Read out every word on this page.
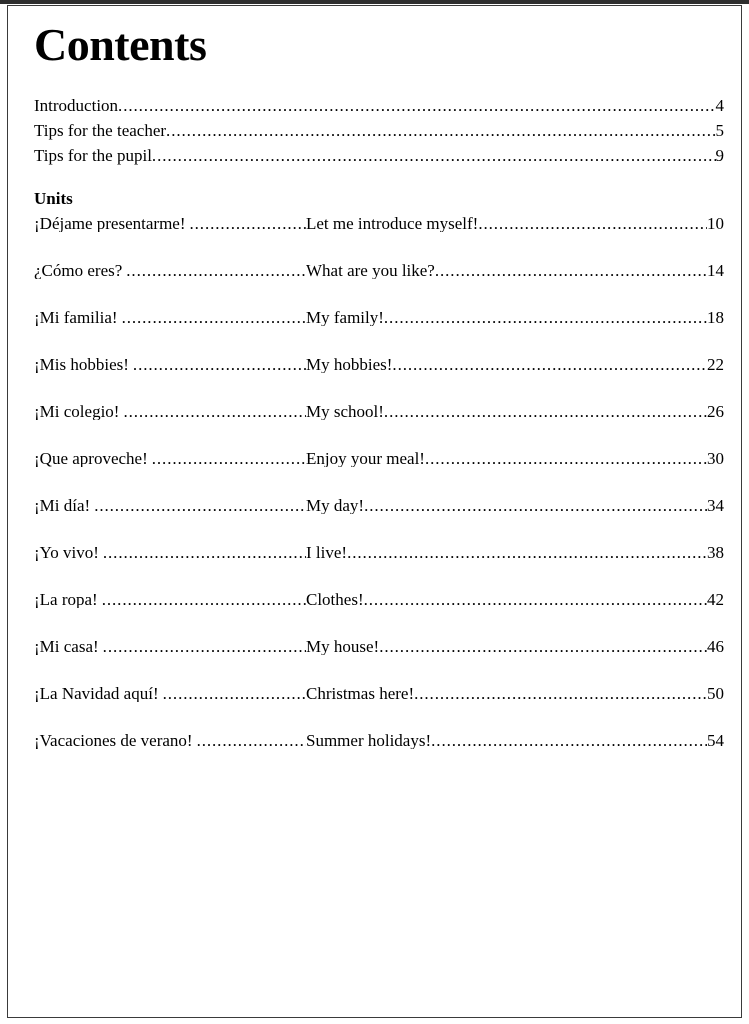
Contents
Introduction .....	4
Tips for the teacher .....	5
Tips for the pupil .....	9
Units
¡Déjame presentarme! .....	Let me introduce myself! .....	10
¿Cómo eres? .....	What are you like? .....	14
¡Mi familia! .....	My family! .....	18
¡Mis hobbies! .....	My hobbies! .....	22
¡Mi colegio! .....	My school! .....	26
¡Que aproveche! .....	Enjoy your meal! .....	30
¡Mi día! .....	My day! .....	34
¡Yo vivo! .....	I live! .....	38
¡La ropa! .....	Clothes! .....	42
¡Mi casa! .....	My house! .....	46
¡La Navidad aquí! .....	Christmas here! .....	50
¡Vacaciones de verano! .....	Summer holidays! .....	54
